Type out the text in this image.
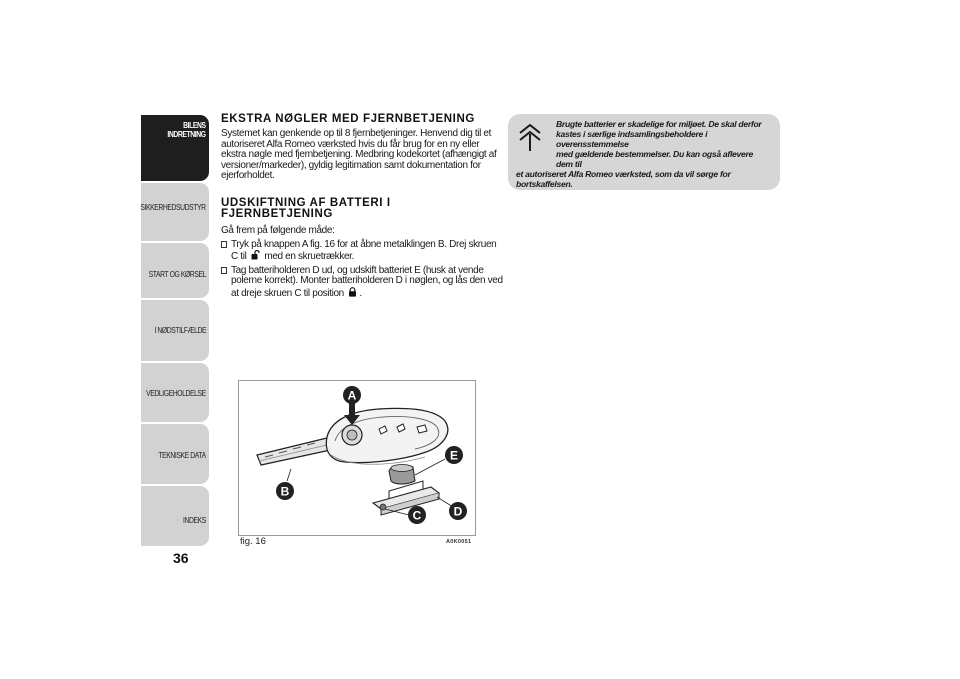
BILENS
INDRETNING
SIKKERHEDSUDSTYR
START OG KØRSEL
I NØDSTILFÆLDE
VEDLIGEHOLDELSE
TEKNISKE DATA
INDEKS
36
EKSTRA NØGLER MED FJERNBETJENING

Systemet kan genkende op til 8 fjernbetjeninger. Henvend dig til et autoriseret Alfa Romeo værksted hvis du får brug for en ny eller ekstra nøgle med fjernbetjening. Medbring kodekortet (afhængigt af versioner/markeder), gyldig legitimation samt dokumentation for ejerforholdet.

UDSKIFTNING AF BATTERI I FJERNBETJENING

Gå frem på følgende måde:

Tryk på knappen A fig. 16 for at åbne metalklingen B. Drej skruen C til  med en skruetrækker.
Tag batteriholderen D ud, og udskift batteriet E (husk at vende polerne korrekt). Monter batteriholderen D i nøglen, og lås den ved at dreje skruen C til position .
A
B
C	D
E
fig. 16	A0K0051
Brugte batterier er skadelige for miljøet. De skal derfor
kastes i særlige indsamlingsbeholdere i overensstemmelse
med gældende bestemmelser. Du kan også aflevere dem til
et autoriseret Alfa Romeo værksted, som da vil sørge for bortskaffelsen.
